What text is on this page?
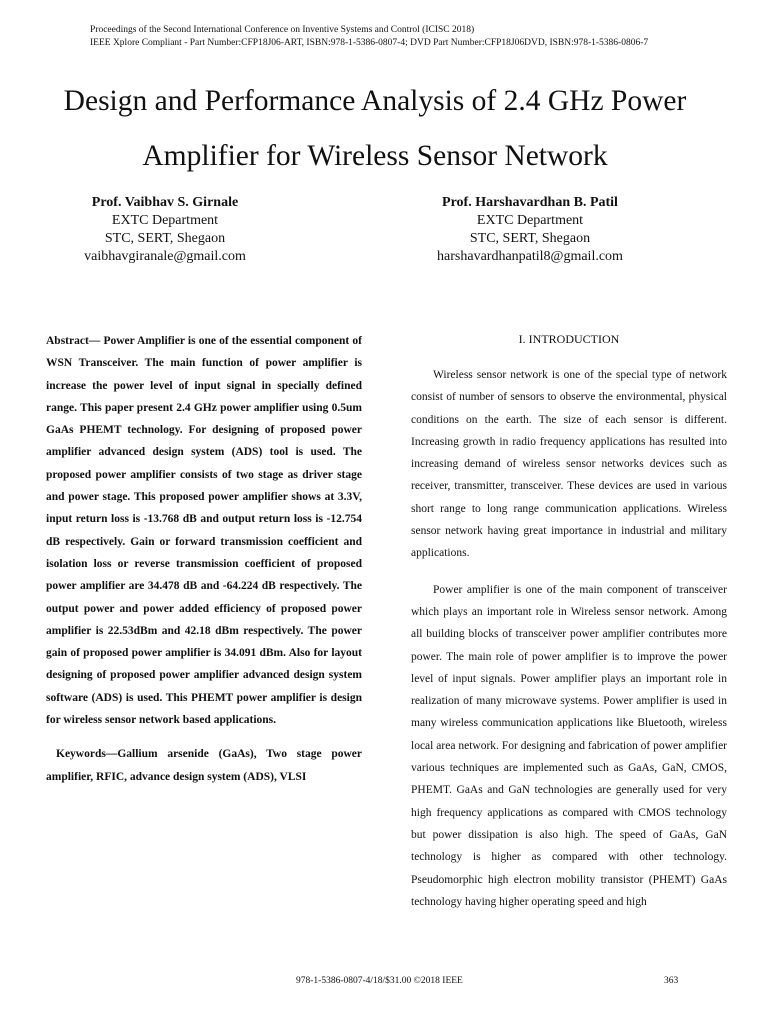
Proceedings of the Second International Conference on Inventive Systems and Control (ICISC 2018)
IEEE Xplore Compliant - Part Number:CFP18J06-ART, ISBN:978-1-5386-0807-4; DVD Part Number:CFP18J06DVD, ISBN:978-1-5386-0806-7
Design and Performance Analysis of 2.4 GHz Power
Amplifier for Wireless Sensor Network
Prof. Vaibhav S. Girnale
EXTC Department
STC, SERT, Shegaon
vaibhavgiranale@gmail.com
Prof. Harshavardhan B. Patil
EXTC Department
STC, SERT, Shegaon
harshavardhanpatil8@gmail.com

Abstract— Power Amplifier is one of the essential component of WSN Transceiver. The main function of power amplifier is increase the power level of input signal in specially defined range. This paper present 2.4 GHz power amplifier using 0.5um GaAs PHEMT technology. For designing of proposed power amplifier advanced design system (ADS) tool is used. The proposed power amplifier consists of two stage as driver stage and power stage. This proposed power amplifier shows at 3.3V, input return loss is -13.768 dB and output return loss is -12.754 dB respectively. Gain or forward transmission coefficient and isolation loss or reverse transmission coefficient of proposed power amplifier are 34.478 dB and -64.224 dB respectively. The output power and power added efficiency of proposed power amplifier is 22.53dBm and 42.18 dBm respectively. The power gain of proposed power amplifier is 34.091 dBm. Also for layout designing of proposed power amplifier advanced design system software (ADS) is used. This PHEMT power amplifier is design for wireless sensor network based applications.

Keywords—Gallium arsenide (GaAs), Two stage power amplifier, RFIC, advance design system (ADS), VLSI

I. INTRODUCTION

Wireless sensor network is one of the special type of network consist of number of sensors to observe the environmental, physical conditions on the earth. The size of each sensor is different. Increasing growth in radio frequency applications has resulted into increasing demand of wireless sensor networks devices such as receiver, transmitter, transceiver. These devices are used in various short range to long range communication applications. Wireless sensor network having great importance in industrial and military applications.

Power amplifier is one of the main component of transceiver which plays an important role in Wireless sensor network. Among all building blocks of transceiver power amplifier contributes more power. The main role of power amplifier is to improve the power level of input signals. Power amplifier plays an important role in realization of many microwave systems. Power amplifier is used in many wireless communication applications like Bluetooth, wireless local area network. For designing and fabrication of power amplifier various techniques are implemented such as GaAs, GaN, CMOS, PHEMT. GaAs and GaN technologies are generally used for very high frequency applications as compared with CMOS technology but power dissipation is also high. The speed of GaAs, GaN technology is higher as compared with other technology. Pseudomorphic high electron mobility transistor (PHEMT) GaAs technology having higher operating speed and high

978-1-5386-0807-4/18/$31.00 ©2018 IEEE	363
